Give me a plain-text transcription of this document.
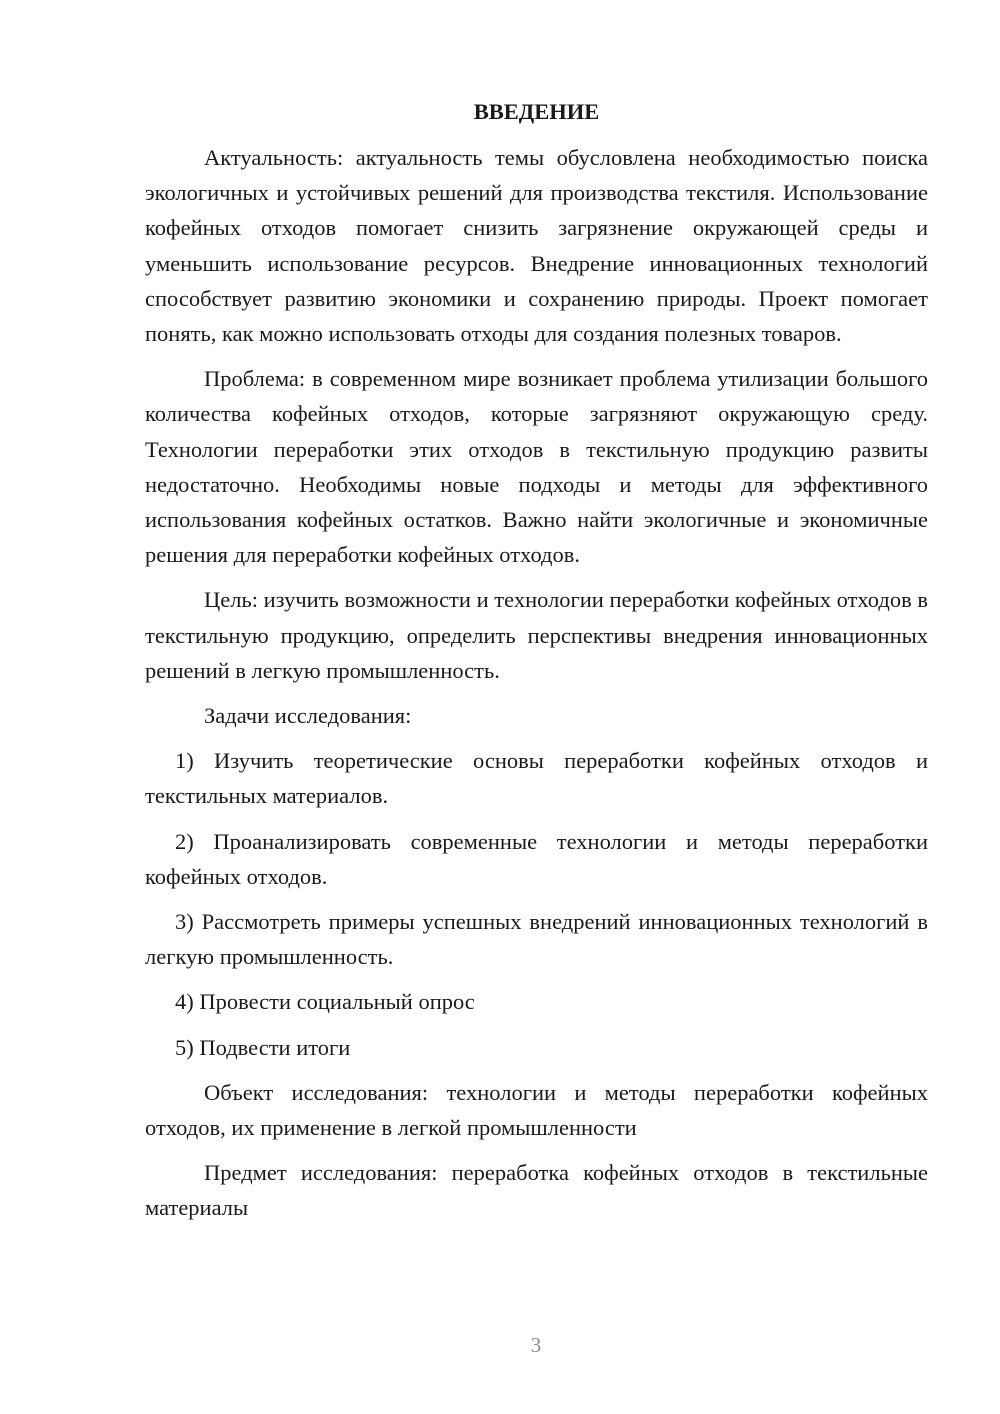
ВВЕДЕНИЕ

Актуальность: актуальность темы обусловлена необходимостью поиска экологичных и устойчивых решений для производства текстиля. Использование кофейных отходов помогает снизить загрязнение окружающей среды и уменьшить использование ресурсов. Внедрение инновационных технологий способствует развитию экономики и сохранению природы. Проект помогает понять, как можно использовать отходы для создания полезных товаров.

Проблема: в современном мире возникает проблема утилизации большого количества кофейных отходов, которые загрязняют окружающую среду. Технологии переработки этих отходов в текстильную продукцию развиты недостаточно. Необходимы новые подходы и методы для эффективного использования кофейных остатков. Важно найти экологичные и экономичные решения для переработки кофейных отходов.

Цель: изучить возможности и технологии переработки кофейных отходов в текстильную продукцию, определить перспективы внедрения инновационных решений в легкую промышленность.

Задачи исследования:

1) Изучить теоретические основы переработки кофейных отходов и текстильных материалов.

2) Проанализировать современные технологии и методы переработки кофейных отходов.

3) Рассмотреть примеры успешных внедрений инновационных технологий в легкую промышленность.

4) Провести социальный опрос

5) Подвести итоги

Объект исследования: технологии и методы переработки кофейных отходов, их применение в легкой промышленности

Предмет исследования: переработка кофейных отходов в текстильные материалы

3
